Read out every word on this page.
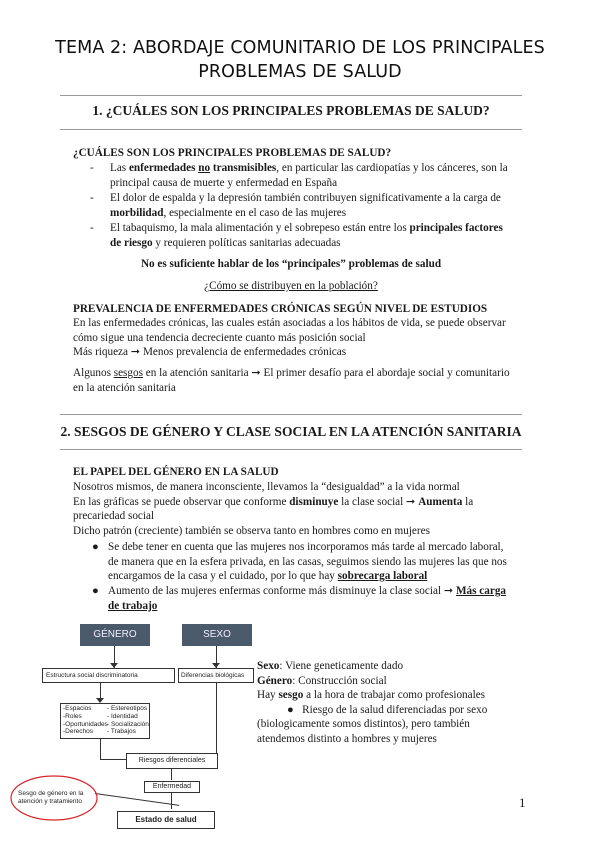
TEMA 2: ABORDAJE COMUNITARIO DE LOS PRINCIPALES
PROBLEMAS DE SALUD
1. ¿CUÁLES SON LOS PRINCIPALES PROBLEMAS DE SALUD?
¿CUÁLES SON LOS PRINCIPALES PROBLEMAS DE SALUD?
- Las enfermedades no transmisibles, en particular las cardiopatías y los cánceres, son la
principal causa de muerte y enfermedad en España
- El dolor de espalda y la depresión también contribuyen significativamente a la carga de
morbilidad, especialmente en el caso de las mujeres
- El tabaquismo, la mala alimentación y el sobrepeso están entre los principales factores
de riesgo y requieren políticas sanitarias adecuadas
No es suficiente hablar de los “principales” problemas de salud
¿Cómo se distribuyen en la población?
PREVALENCIA DE ENFERMEDADES CRÓNICAS SEGÚN NIVEL DE ESTUDIOS
En las enfermedades crónicas, las cuales están asociadas a los hábitos de vida, se puede observar
cómo sigue una tendencia decreciente cuanto más posición social
Más riqueza ➞ Menos prevalencia de enfermedades crónicas
Algunos sesgos en la atención sanitaria ➞ El primer desafío para el abordaje social y comunitario
en la atención sanitaria
2. SESGOS DE GÉNERO Y CLASE SOCIAL EN LA ATENCIÓN SANITARIA
EL PAPEL DEL GÉNERO EN LA SALUD
Nosotros mismos, de manera inconsciente, llevamos la “desigualdad” a la vida normal
En las gráficas se puede observar que conforme disminuye la clase social ➞ Aumenta la
precariedad social
Dicho patrón (creciente) también se observa tanto en hombres como en mujeres
● Se debe tener en cuenta que las mujeres nos incorporamos más tarde al mercado laboral,
de manera que en la esfera privada, en las casas, seguimos siendo las mujeres las que nos
encargamos de la casa y el cuidado, por lo que hay sobrecarga laboral
● Aumento de las mujeres enfermas conforme más disminuye la clase social ➞ Más carga
de trabajo
GÉNERO	SEXO
Estructura social discriminatoria	Diferencias biológicas
-Espacios
-Roles
-Oportunidades
-Derechos
- Estereotipos
- Identidad
- Socialización
- Trabajos
Riesgos diferenciales
Enfermedad
Sesgo de género en la
atención y tratamiento
Estado de salud
Sexo: Viene geneticamente dado
Género: Construcción social
Hay sesgo a la hora de trabajar como profesionales
●   Riesgo de la salud diferenciadas por sexo
(biologicamente somos distintos), pero también
atendemos distinto a hombres y mujeres
1
